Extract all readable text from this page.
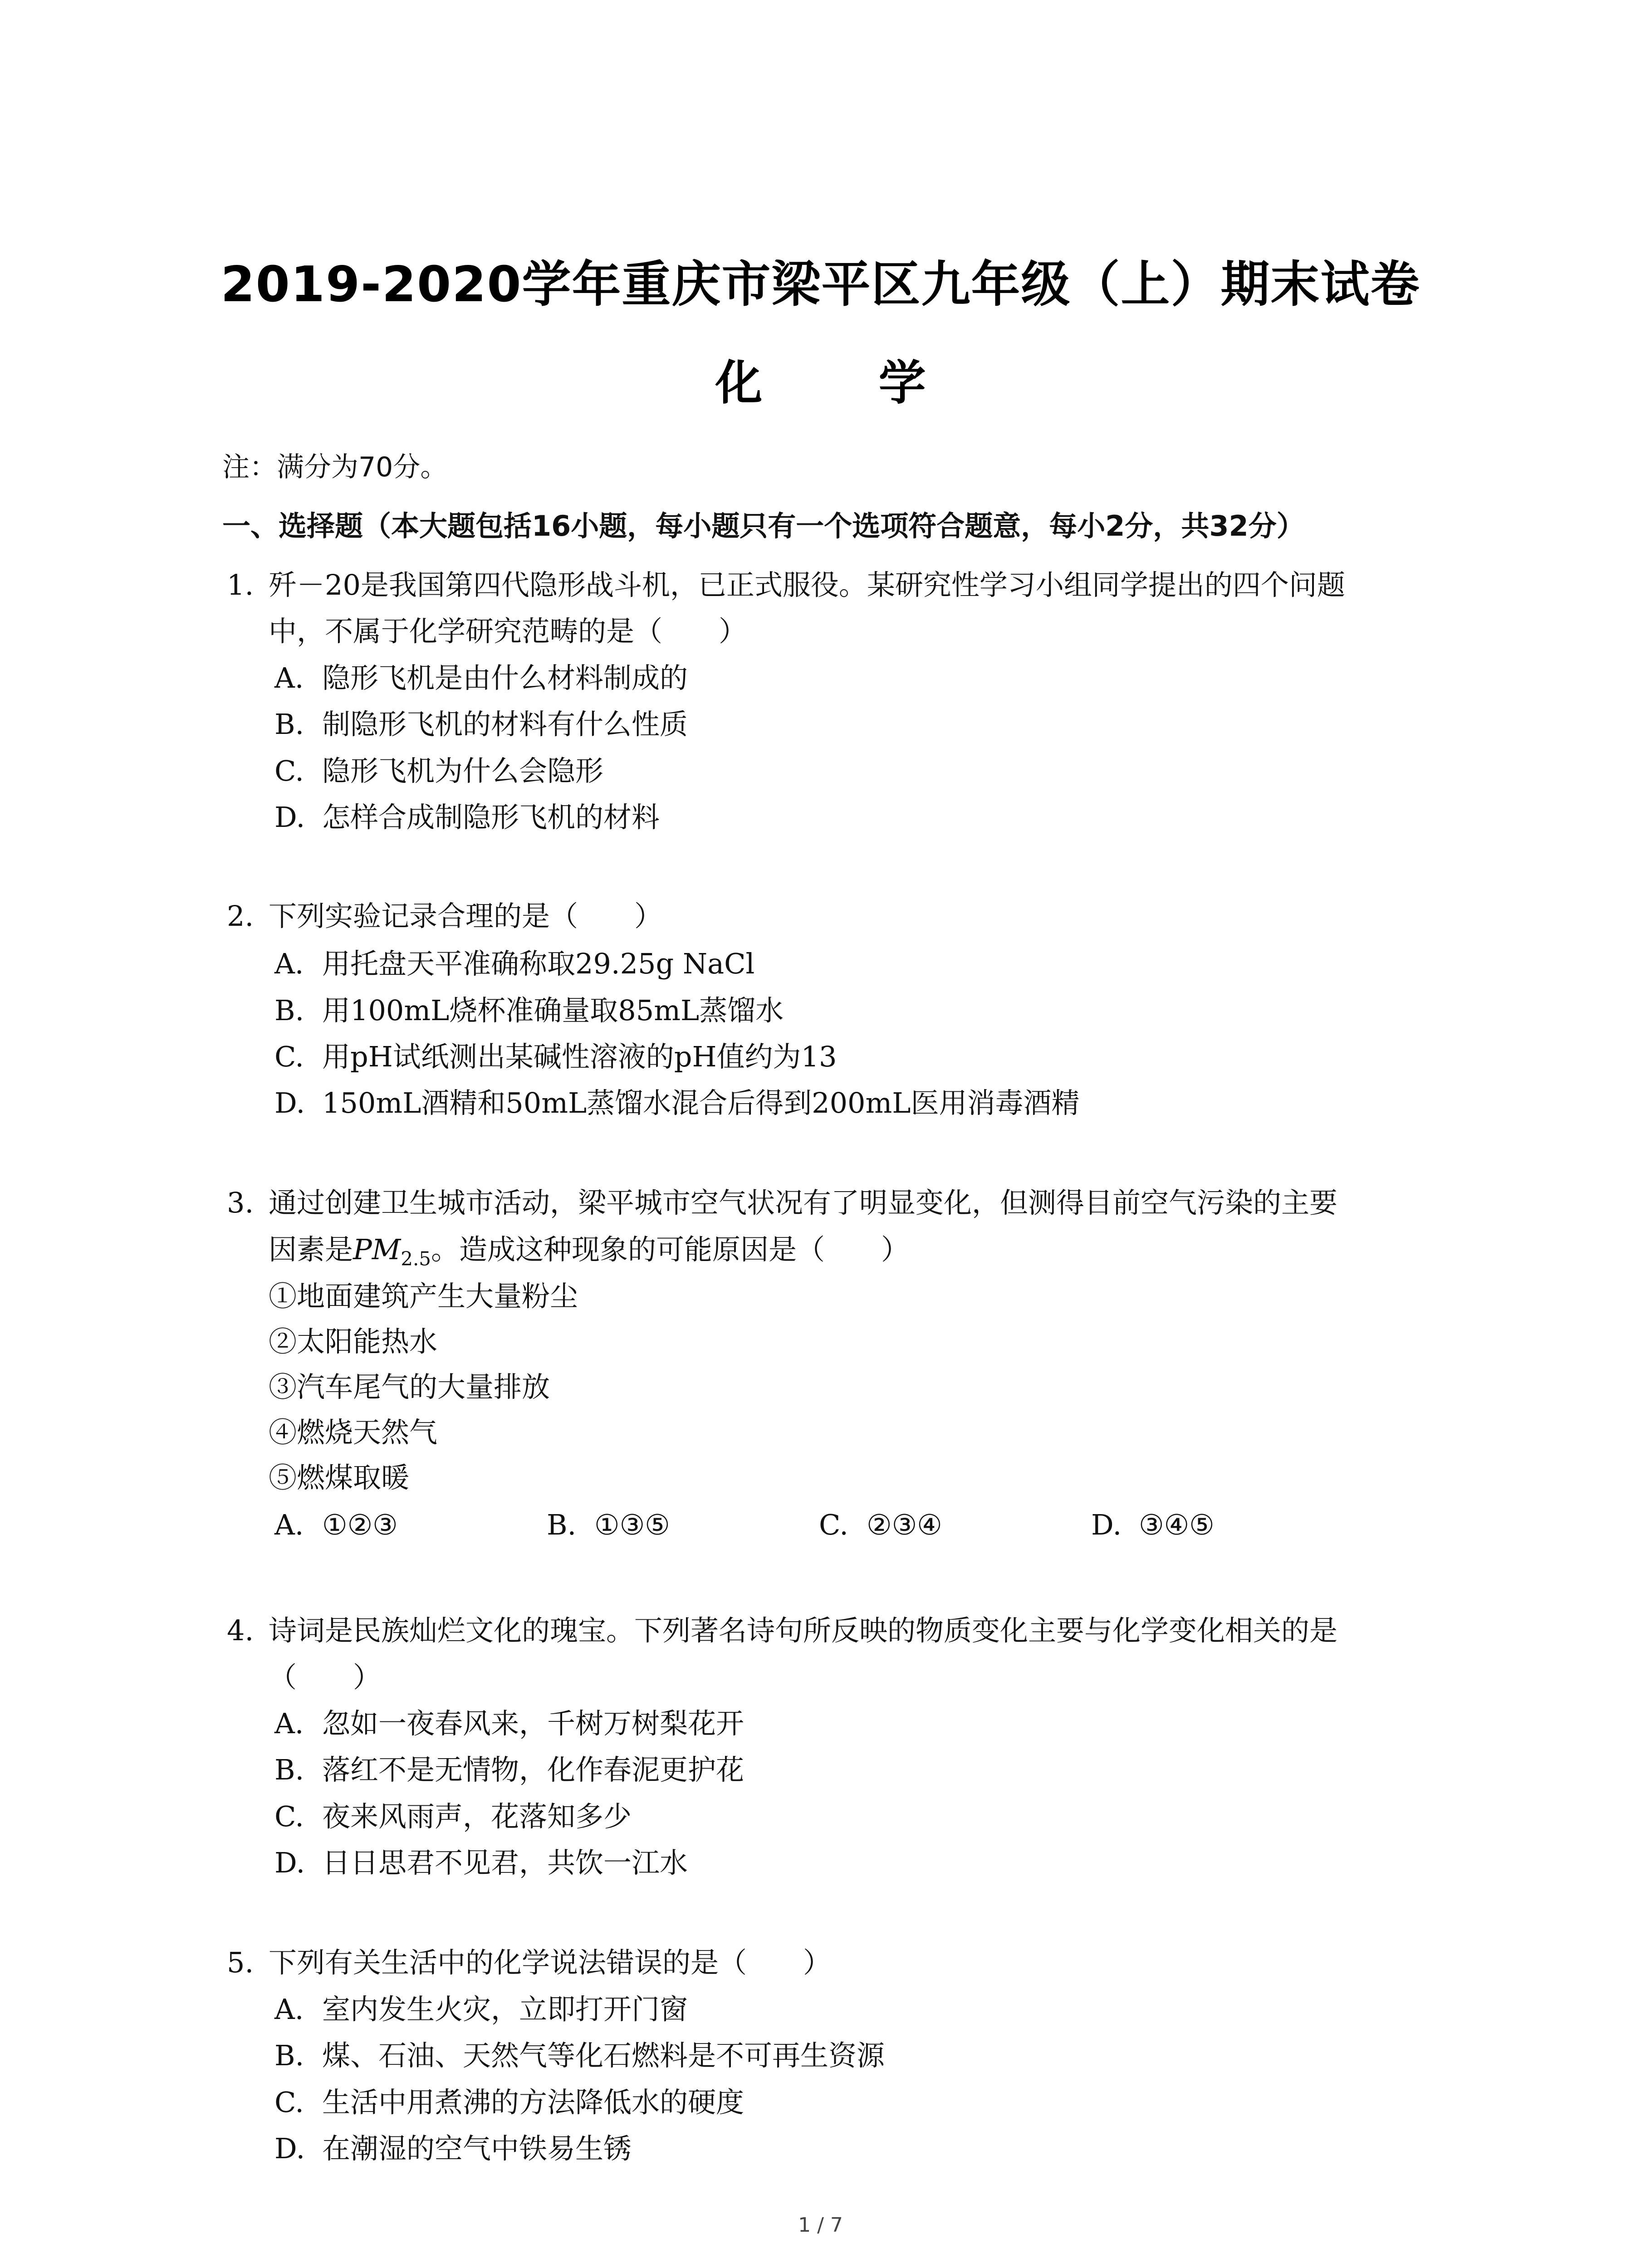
2019-2020学年重庆市梁平区九年级（上）期末试卷
化 学
注：满分为70分。
一、选择题（本大题包括16小题，每小题只有一个选项符合题意，每小2分，共32分）
1. 歼－20是我国第四代隐形战斗机，已正式服役。某研究性学习小组同学提出的四个问题
中，不属于化学研究范畴的是（　　）
A. 隐形飞机是由什么材料制成的
B. 制隐形飞机的材料有什么性质
C. 隐形飞机为什么会隐形
D. 怎样合成制隐形飞机的材料
2. 下列实验记录合理的是（　　）
A. 用托盘天平准确称取29.25g NaCl
B. 用100mL烧杯准确量取85mL蒸馏水
C. 用pH试纸测出某碱性溶液的pH值约为13
D. 150mL酒精和50mL蒸馏水混合后得到200mL医用消毒酒精
3. 通过创建卫生城市活动，梁平城市空气状况有了明显变化，但测得目前空气污染的主要
因素是$PM_{2.5}$。造成这种现象的可能原因是（　　）
①地面建筑产生大量粉尘
②太阳能热水
③汽车尾气的大量排放
④燃烧天然气
⑤燃煤取暖
A. ①②③	B. ①③⑤	C. ②③④	D. ③④⑤
4. 诗词是民族灿烂文化的瑰宝。下列著名诗句所反映的物质变化主要与化学变化相关的是
（　　）
A. 忽如一夜春风来，千树万树梨花开
B. 落红不是无情物，化作春泥更护花
C. 夜来风雨声，花落知多少
D. 日日思君不见君，共饮一江水
5. 下列有关生活中的化学说法错误的是（　　）
A. 室内发生火灾，立即打开门窗
B. 煤、石油、天然气等化石燃料是不可再生资源
C. 生活中用煮沸的方法降低水的硬度
D. 在潮湿的空气中铁易生锈
1 / 7
